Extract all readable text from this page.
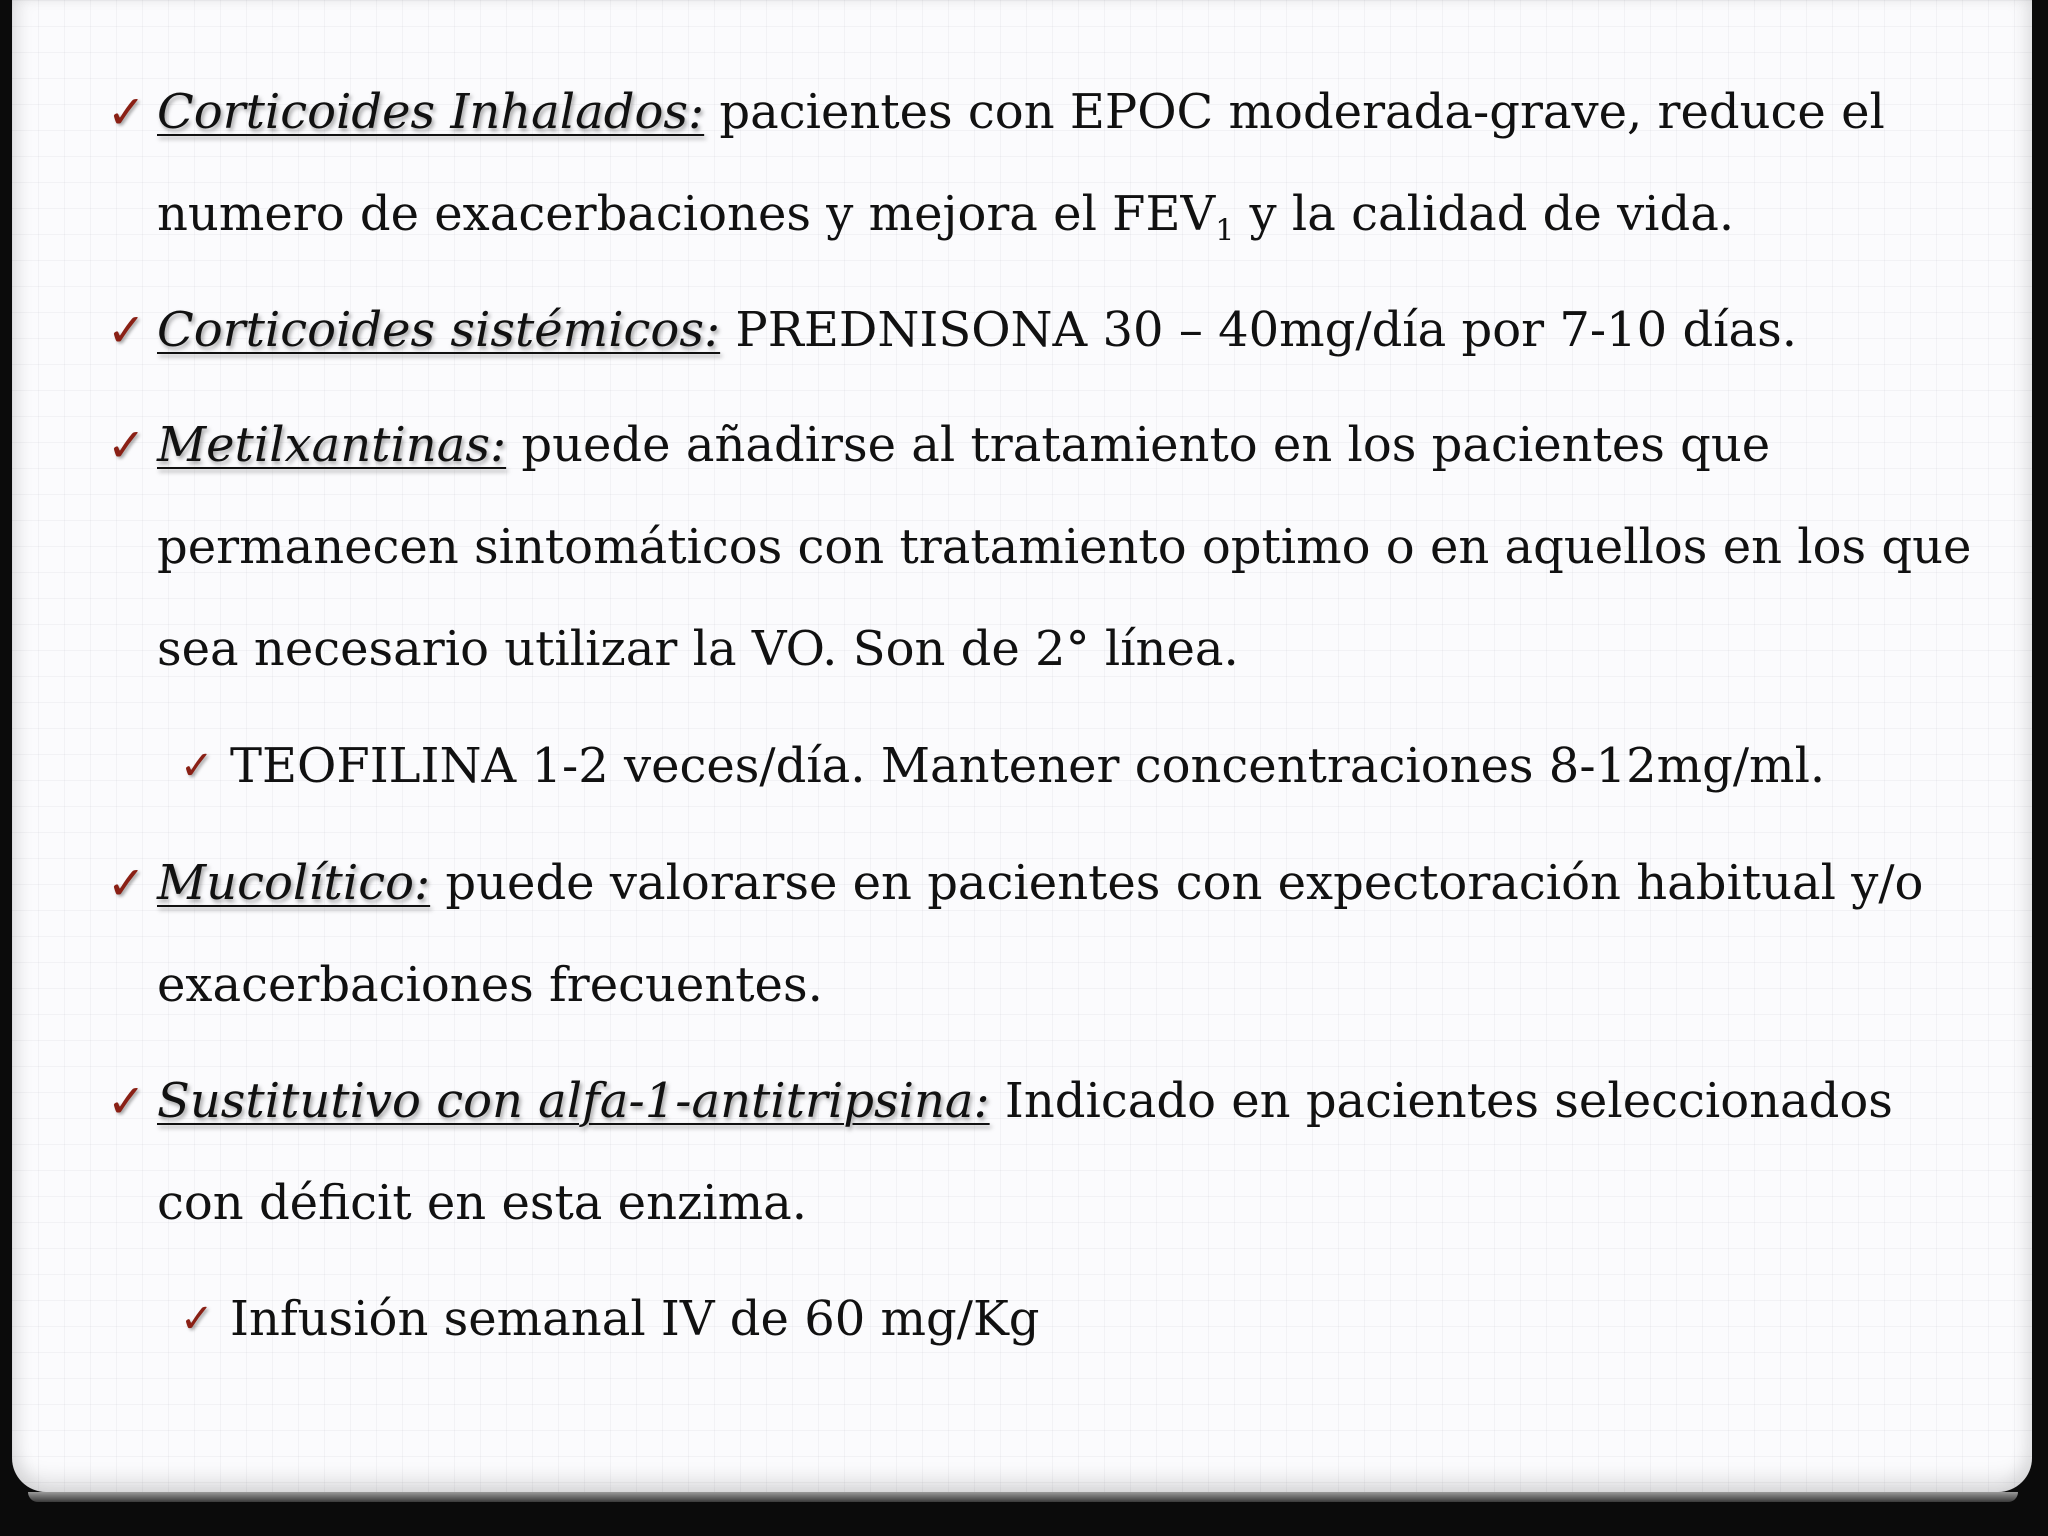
✓ Corticoides Inhalados: pacientes con EPOC moderada-grave, reduce el numero de exacerbaciones y mejora el $FEV_1$ y la calidad de vida.
✓ Corticoides sistémicos: PREDNISONA 30 – 40mg/día por 7-10 días.
✓ Metilxantinas: puede añadirse al tratamiento en los pacientes que permanecen sintomáticos con tratamiento optimo o en aquellos en los que sea necesario utilizar la VO. Son de 2° línea.
✓ TEOFILINA 1-2 veces/día. Mantener concentraciones 8-12mg/ml.
✓ Mucolítico: puede valorarse en pacientes con expectoración habitual y/o exacerbaciones frecuentes.
✓ Sustitutivo con alfa-1-antitripsina: Indicado en pacientes seleccionados con déficit en esta enzima.
✓ Infusión semanal IV de 60 mg/Kg
